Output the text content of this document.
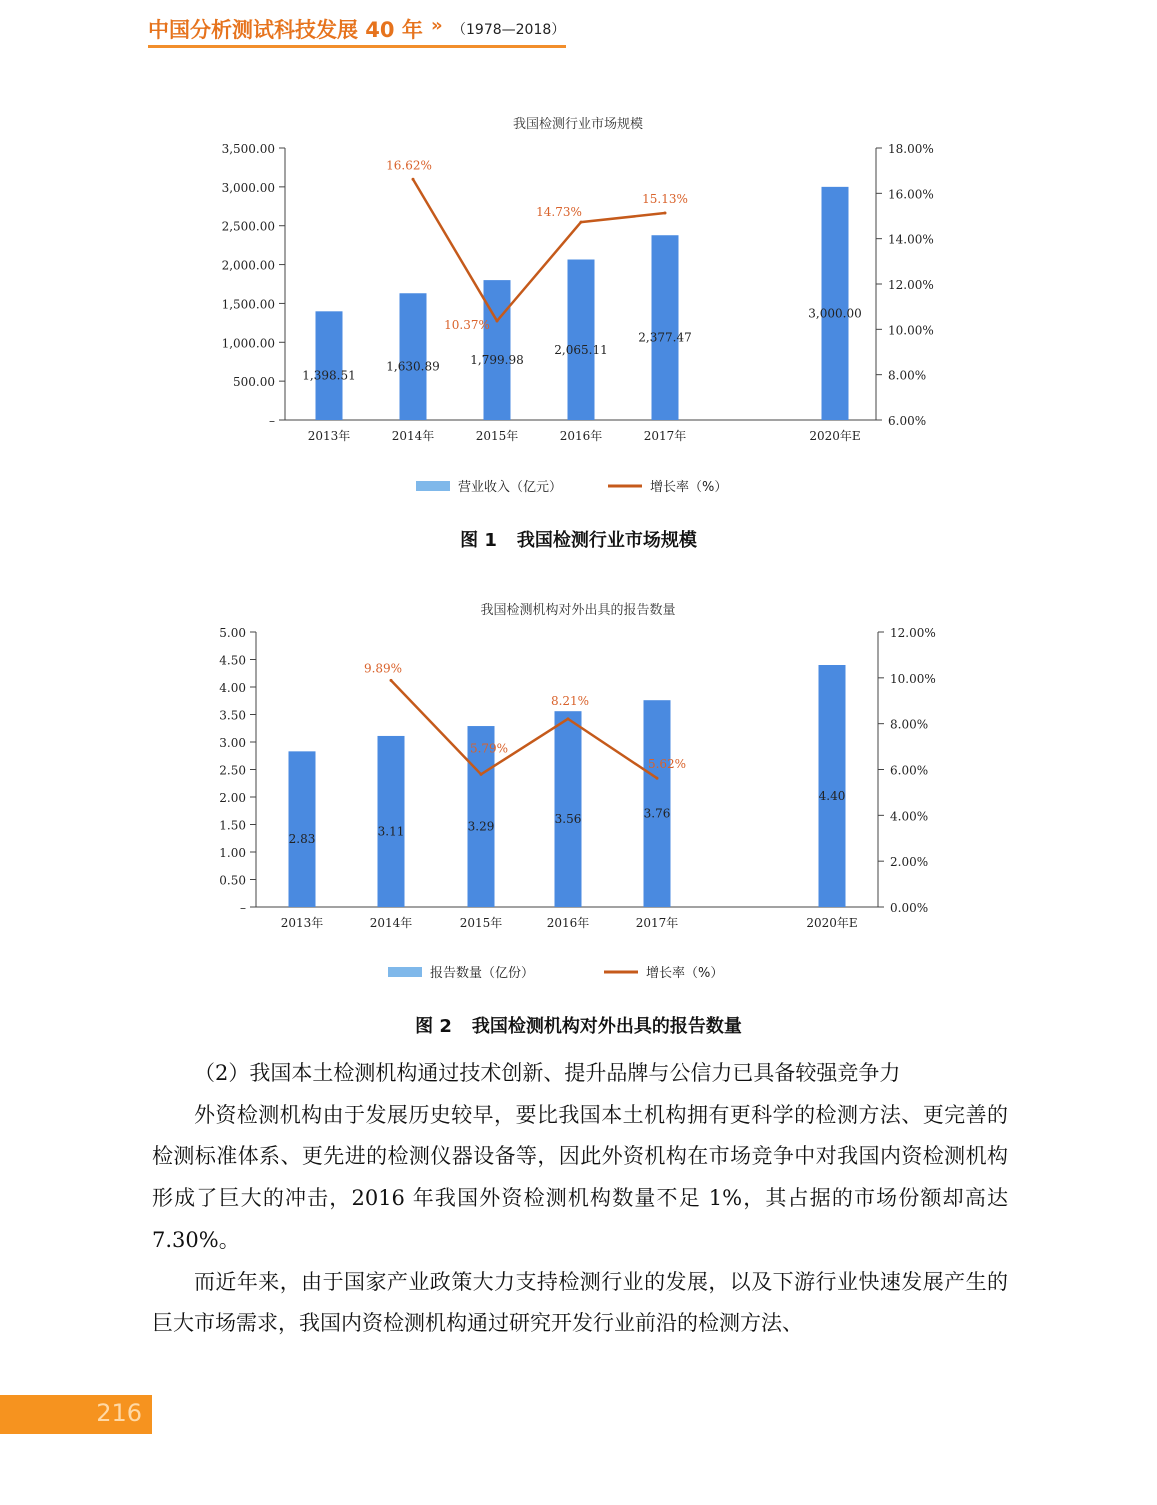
中国分析测试科技发展 40 年 » （1978—2018）
我国检测行业市场规模
–
500.00
1,000.00
1,500.00
2,000.00
2,500.00
3,000.00
3,500.00
6.00%
8.00%
10.00%
12.00%
14.00%
16.00%
18.00%
1,398.51
2013年
1,630.89
2014年
1,799.98
2015年
2,065.11
2016年
2,377.47
2017年
3,000.00
2020年E
16.62%
10.37%
14.73%
15.13%
营业收入（亿元）	增长率（%）
图 1 我国检测行业市场规模
我国检测机构对外出具的报告数量
–
0.50
1.00
1.50
2.00
2.50
3.00
3.50
4.00
4.50
5.00
0.00%
2.00%
4.00%
6.00%
8.00%
10.00%
12.00%
2.83
2013年
3.11
2014年
3.29
2015年
3.56
2016年
3.76
2017年
4.40
2020年E
9.89%
5.79%
8.21%
5.62%
报告数量（亿份）	增长率（%）
图 2 我国检测机构对外出具的报告数量

（2）我国本土检测机构通过技术创新、提升品牌与公信力已具备较强竞争力

外资检测机构由于发展历史较早，要比我国本土机构拥有更科学的检测方法、更完善的检测标准体系、更先进的检测仪器设备等，因此外资机构在市场竞争中对我国内资检测机构形成了巨大的冲击，2016 年我国外资检测机构数量不足 1%，其占据的市场份额却高达 7.30%。

而近年来，由于国家产业政策大力支持检测行业的发展，以及下游行业快速发展产生的巨大市场需求，我国内资检测机构通过研究开发行业前沿的检测方法、

216
